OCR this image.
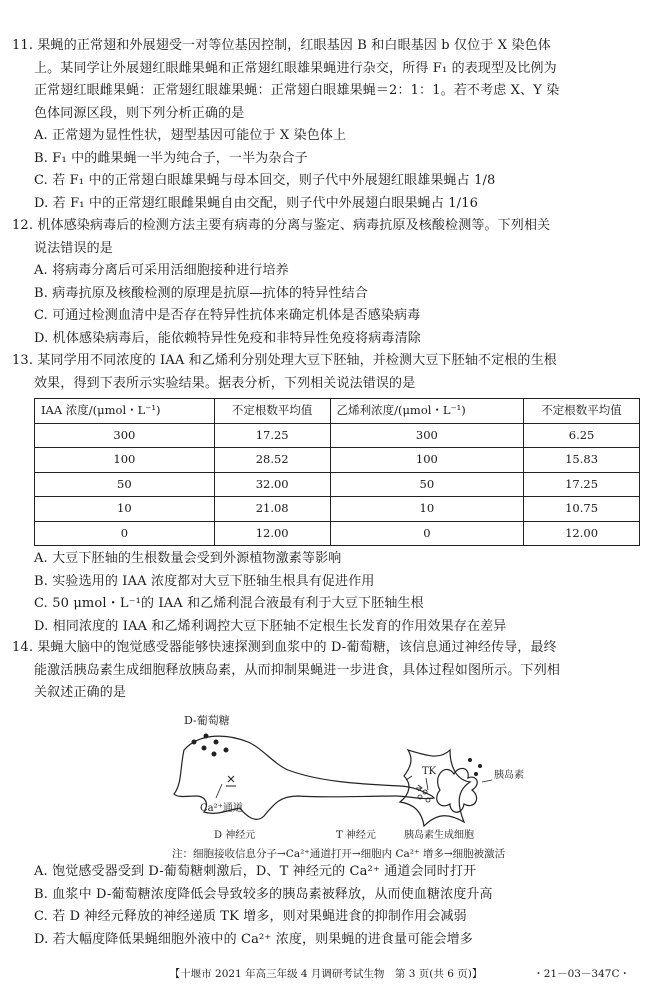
11. 果蝇的正常翅和外展翅受一对等位基因控制，红眼基因 B 和白眼基因 b 仅位于 X 染色体
上。某同学让外展翅红眼雌果蝇和正常翅红眼雄果蝇进行杂交，所得 F₁ 的表现型及比例为
正常翅红眼雌果蝇：正常翅红眼雄果蝇：正常翅白眼雄果蝇＝2：1：1。若不考虑 X、Y 染
色体同源区段，则下列分析正确的是
A. 正常翅为显性性状，翅型基因可能位于 X 染色体上
B. F₁ 中的雌果蝇一半为纯合子，一半为杂合子
C. 若 F₁ 中的正常翅白眼雄果蝇与母本回交，则子代中外展翅红眼雄果蝇占 1/8
D. 若 F₁ 中的正常翅红眼雌果蝇自由交配，则子代中外展翅白眼果蝇占 1/16
12. 机体感染病毒后的检测方法主要有病毒的分离与鉴定、病毒抗原及核酸检测等。下列相关
说法错误的是
A. 将病毒分离后可采用活细胞接种进行培养
B. 病毒抗原及核酸检测的原理是抗原—抗体的特异性结合
C. 可通过检测血清中是否存在特异性抗体来确定机体是否感染病毒
D. 机体感染病毒后，能依赖特异性免疫和非特异性免疫将病毒清除
13. 某同学用不同浓度的 IAA 和乙烯利分别处理大豆下胚轴，并检测大豆下胚轴不定根的生根
效果，得到下表所示实验结果。据表分析，下列相关说法错误的是
IAA 浓度/(μmol・L⁻¹)	不定根数平均值	乙烯利浓度/(μmol・L⁻¹)	不定根数平均值
300	17.25	300	6.25
100	28.52	100	15.83
50	32.00	50	17.25
10	21.08	10	10.75
0	12.00	0	12.00
A. 大豆下胚轴的生根数量会受到外源植物激素等影响
B. 实验选用的 IAA 浓度都对大豆下胚轴生根具有促进作用
C. 50 μmol・L⁻¹的 IAA 和乙烯利混合液最有利于大豆下胚轴生根
D. 相同浓度的 IAA 和乙烯利调控大豆下胚轴不定根生长发育的作用效果存在差异
14. 果蝇大脑中的饱觉感受器能够快速探测到血浆中的 D-葡萄糖，该信息通过神经传导，最终
能激活胰岛素生成细胞释放胰岛素，从而抑制果蝇进一步进食，具体过程如图所示。下列相
关叙述正确的是
D-葡萄糖
Ca²⁺通道
TK	胰岛素
D 神经元	T 神经元	胰岛素生成细胞
注：细胞接收信息分子→Ca²⁺通道打开→细胞内 Ca²⁺ 增多→细胞被激活
A. 饱觉感受器受到 D-葡萄糖刺激后，D、T 神经元的 Ca²⁺ 通道会同时打开
B. 血浆中 D-葡萄糖浓度降低会导致较多的胰岛素被释放，从而使血糖浓度升高
C. 若 D 神经元释放的神经递质 TK 增多，则对果蝇进食的抑制作用会减弱
D. 若大幅度降低果蝇细胞外液中的 Ca²⁺ 浓度，则果蝇的进食量可能会增多
【十堰市 2021 年高三年级 4 月调研考试生物　第 3 页(共 6 页)】	・21－03－347C・
